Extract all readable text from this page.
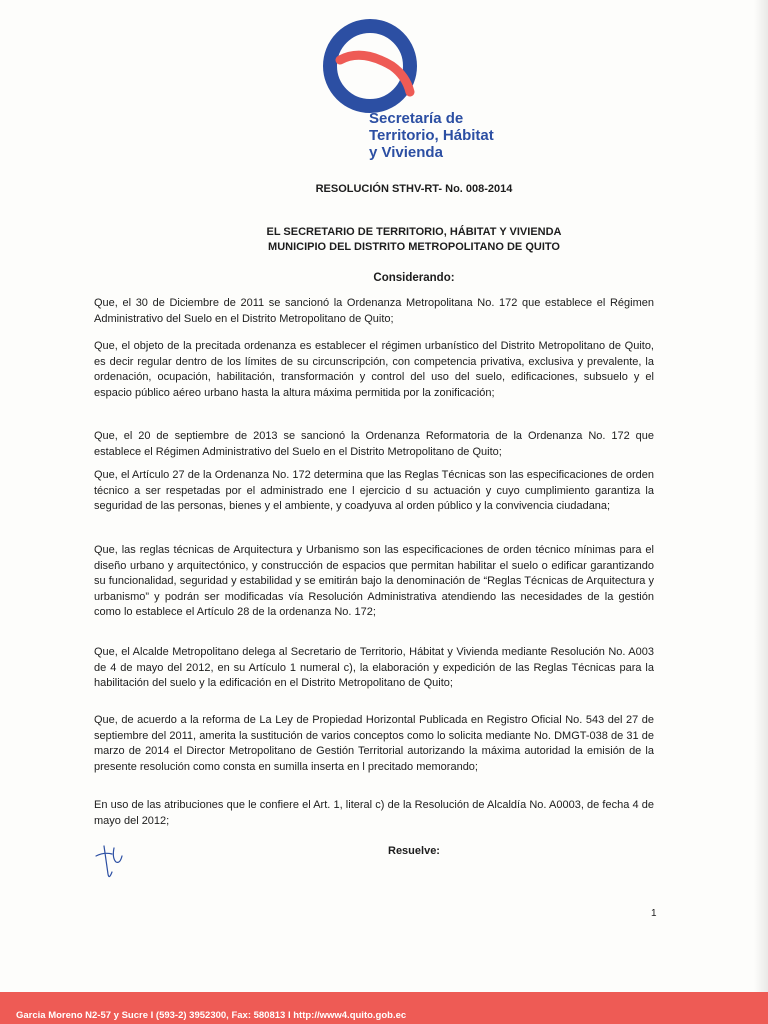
Secretaría de
Territorio, Hábitat
y Vivienda
RESOLUCIÓN STHV-RT- No. 008-2014
EL SECRETARIO DE TERRITORIO, HÁBITAT Y VIVIENDA
MUNICIPIO DEL DISTRITO METROPOLITANO DE QUITO
Considerando:
Que, el 30 de Diciembre de 2011 se sancionó la Ordenanza Metropolitana No. 172 que establece el Régimen Administrativo del Suelo en el Distrito Metropolitano de Quito;
Que, el objeto de la precitada ordenanza es establecer el régimen urbanístico del Distrito Metropolitano de Quito, es decir regular dentro de los límites de su circunscripción, con competencia privativa, exclusiva y prevalente, la ordenación, ocupación, habilitación, transformación y control del uso del suelo, edificaciones, subsuelo y el espacio público aéreo urbano hasta la altura máxima permitida por la zonificación;
Que, el 20 de septiembre de 2013 se sancionó la Ordenanza Reformatoria de la Ordenanza No. 172 que establece el Régimen Administrativo del Suelo en el Distrito Metropolitano de Quito;
Que, el Artículo 27 de la Ordenanza No. 172 determina que las Reglas Técnicas son las especificaciones de orden técnico a ser respetadas por el administrado ene l ejercicio d su actuación y cuyo cumplimiento garantiza la seguridad de las personas, bienes y el ambiente, y coadyuva al orden público y la convivencia ciudadana;
Que, las reglas técnicas de Arquitectura y Urbanismo son las especificaciones de orden técnico mínimas para el diseño urbano y arquitectónico, y construcción de espacios que permitan habilitar el suelo o edificar garantizando su funcionalidad, seguridad y estabilidad y se emitirán bajo la denominación de “Reglas Técnicas de Arquitectura y urbanismo” y podrán ser modificadas vía Resolución Administrativa atendiendo las necesidades de la gestión como lo establece el Artículo 28 de la ordenanza No. 172;
Que, el Alcalde Metropolitano delega al Secretario de Territorio, Hábitat y Vivienda mediante Resolución No. A003 de 4 de mayo del 2012, en su Artículo 1 numeral c), la elaboración y expedición de las Reglas Técnicas para la habilitación del suelo y la edificación en el Distrito Metropolitano de Quito;
Que, de acuerdo a la reforma de La Ley de Propiedad Horizontal Publicada en Registro Oficial No. 543 del 27 de septiembre del 2011, amerita la sustitución de varios conceptos como lo solicita mediante No. DMGT-038 de 31 de marzo de 2014 el Director Metropolitano de Gestión Territorial autorizando la máxima autoridad la emisión de la presente resolución como consta en sumilla inserta en l precitado memorando;
En uso de las atribuciones que le confiere el Art. 1, literal c) de la Resolución de Alcaldía No. A0003, de fecha 4 de mayo del 2012;
Resuelve:
1
Garcia Moreno N2-57 y Sucre I (593-2) 3952300, Fax: 580813 I http://www4.quito.gob.ec
